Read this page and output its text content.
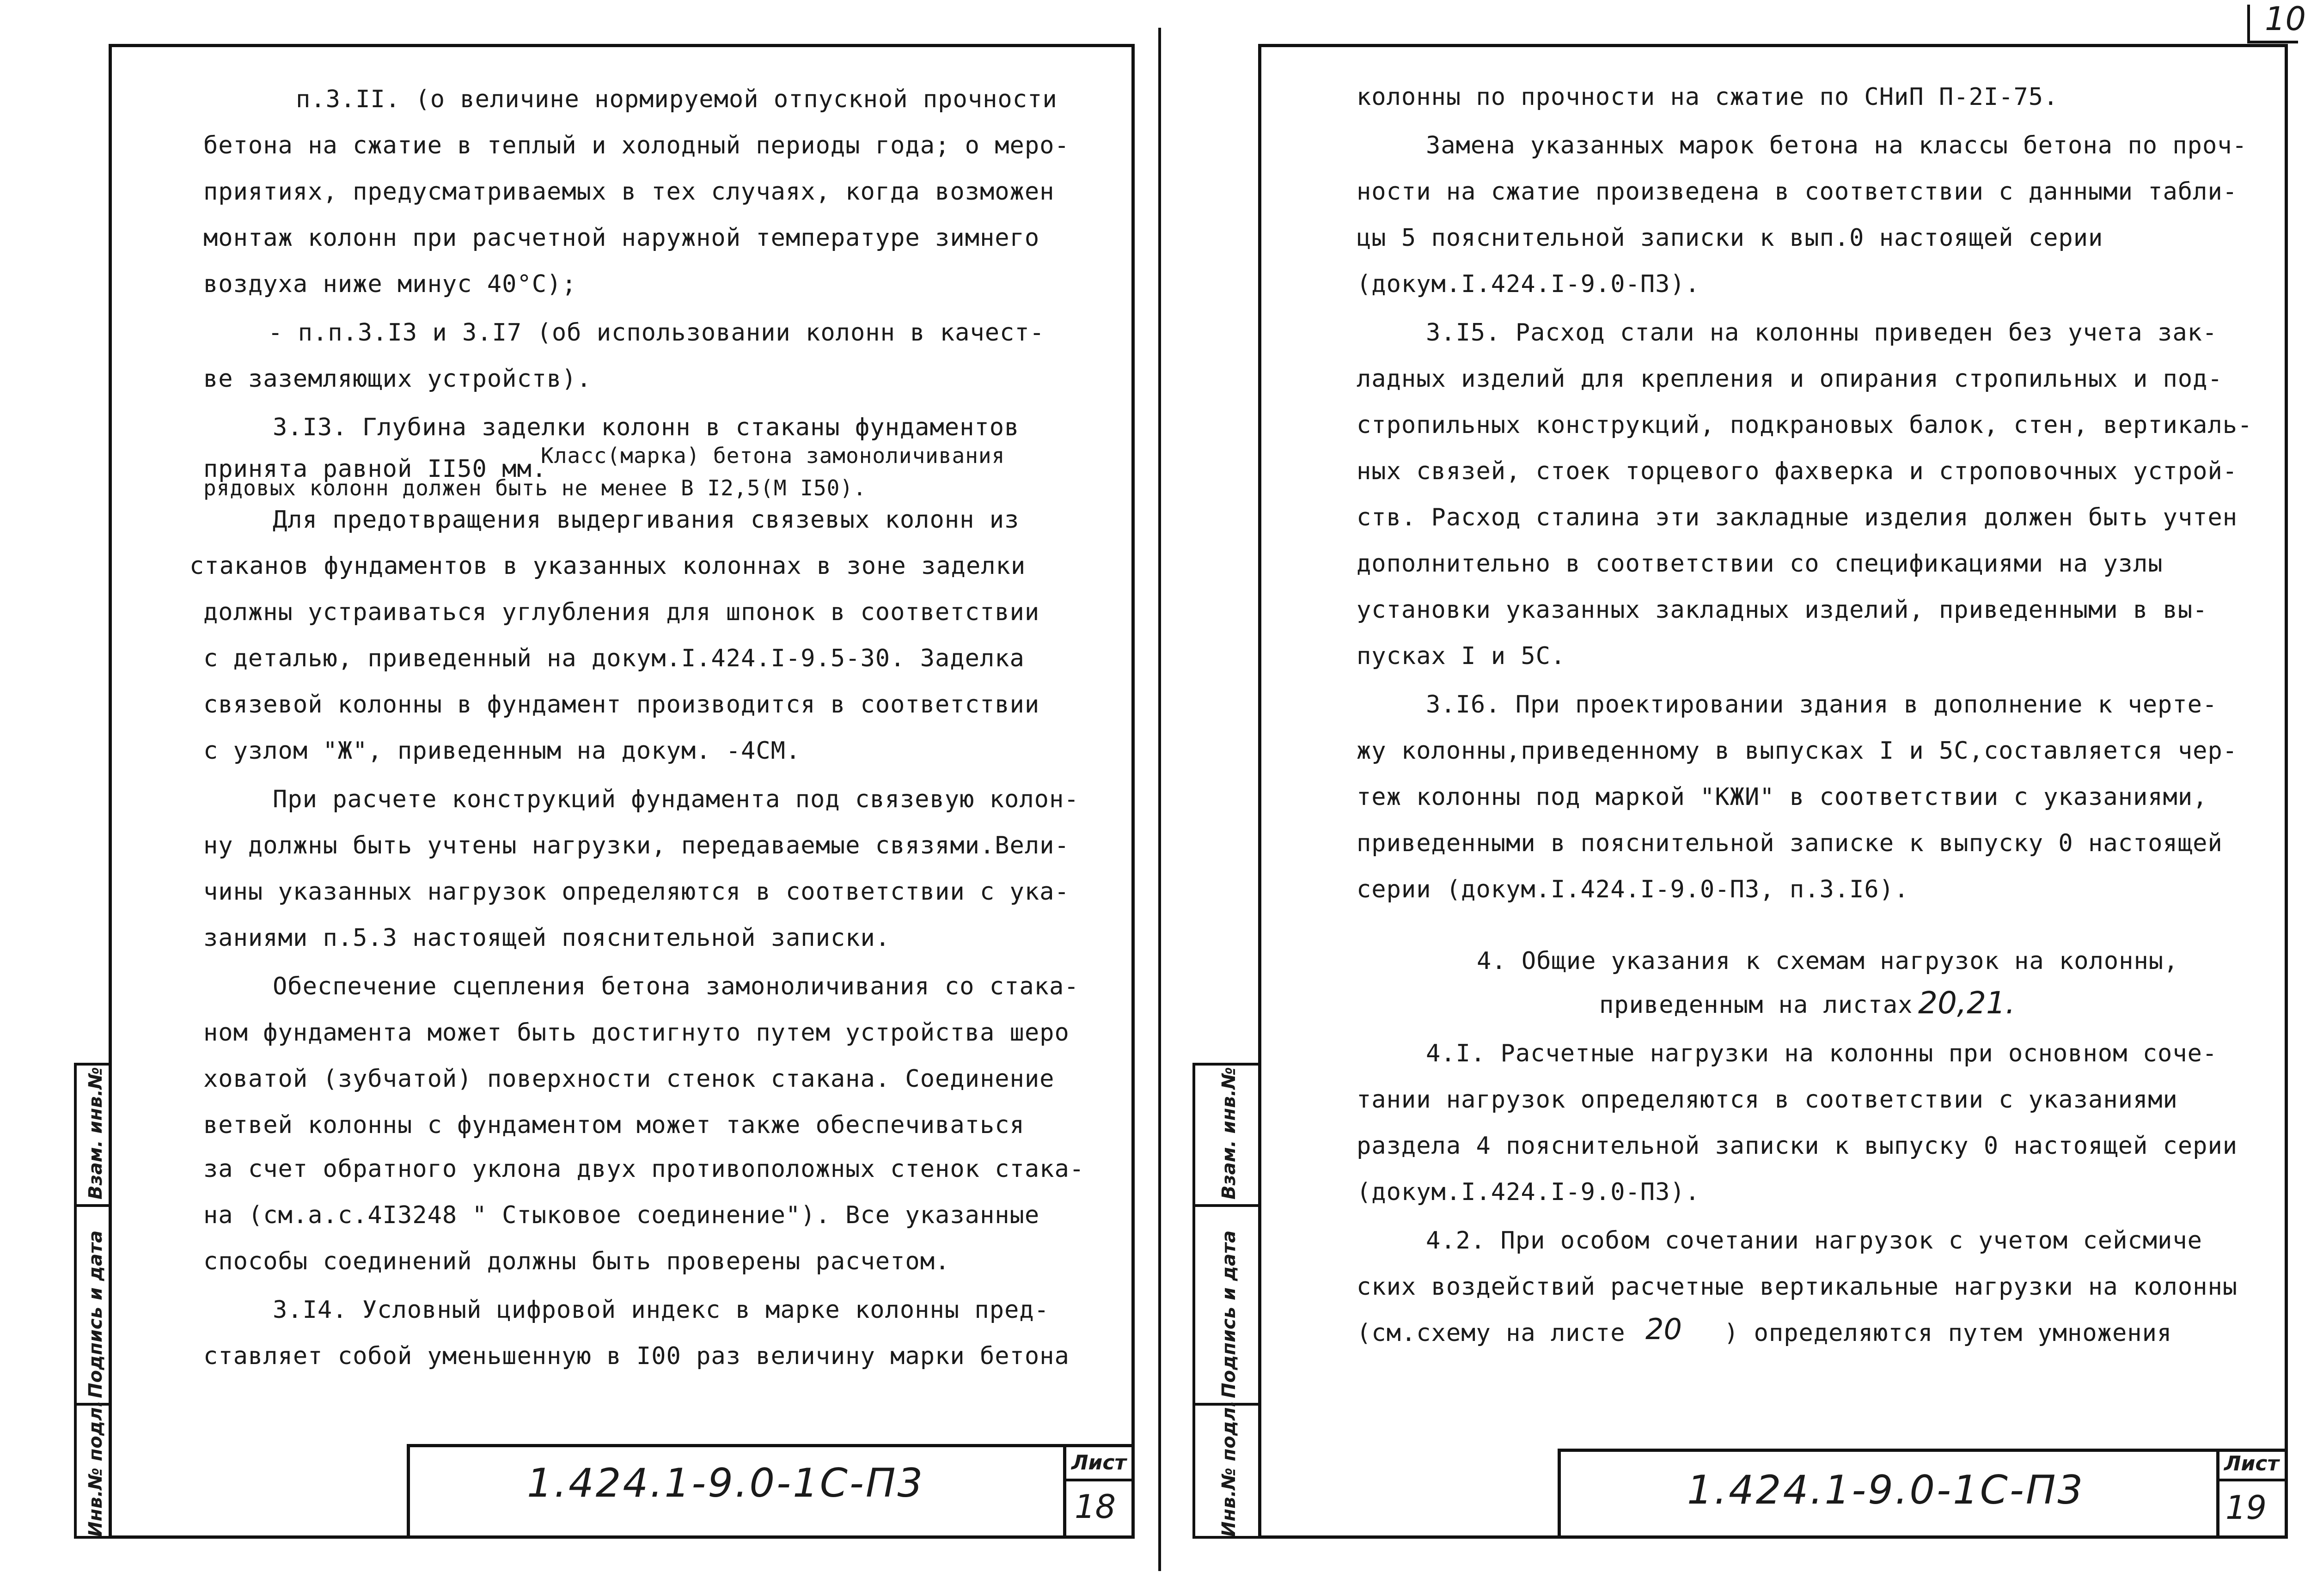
10
Инв.№ подл.
Подпись и дата
Взам. инв.№
п.3.II. (о величине нормируемой отпускной прочности
бетона на сжатие в теплый и холодный периоды года; о меро-
приятиях, предусматриваемых в тех случаях, когда возможен
монтаж колонн при расчетной наружной температуре зимнего
воздуха ниже минус 40°С);
- п.п.3.I3 и 3.I7 (об использовании колонн в качест-
ве заземляющих устройств).
3.I3. Глубина заделки колонн в стаканы фундаментов
принята равной II50 мм.
Класс(марка) бетона замоноличивания
рядовых колонн должен быть не менее В I2,5(М I50).
Для предотвращения выдергивания связевых колонн из
стаканов фундаментов в указанных колоннах в зоне заделки
должны устраиваться углубления для шпонок в соответствии
с деталью, приведенный на докум.I.424.I-9.5-30. Заделка
связевой колонны в фундамент производится в соответствии
с узлом "Ж", приведенным на докум. -4СМ.
При расчете конструкций фундамента под связевую колон-
ну должны быть учтены нагрузки, передаваемые связями.Вели-
чины указанных нагрузок определяются в соответствии с ука-
заниями п.5.3 настоящей пояснительной записки.
Обеспечение сцепления бетона замоноличивания со стака-
ном фундамента может быть достигнуто путем устройства шеро
ховатой (зубчатой) поверхности стенок стакана. Соединение
ветвей колонны с фундаментом может также обеспечиваться
за счет обратного уклона двух противоположных стенок стака-
на (см.а.с.4I3248 " Стыковое соединение"). Все указанные
способы соединений должны быть проверены расчетом.
3.I4. Условный цифровой индекс в марке колонны пред-
ставляет собой уменьшенную в I00 раз величину марки бетона
1.424.1-9.0-1С-П3	Лист
18	Инв.№ подл.
Подпись и дата
Взам. инв.№
колонны по прочности на сжатие по СНиП П-2I-75.
Замена указанных марок бетона на классы бетона по проч-
ности на сжатие произведена в соответствии с данными табли-
цы 5 пояснительной записки к вып.0 настоящей серии
(докум.I.424.I-9.0-П3).
3.I5. Расход стали на колонны приведен без учета зак-
ладных изделий для крепления и опирания стропильных и под-
стропильных конструкций, подкрановых балок, стен, вертикаль-
ных связей, стоек торцевого фахверка и строповочных устрой-
ств. Расход сталина эти закладные изделия должен быть учтен
дополнительно в соответствии со спецификациями на узлы
установки указанных закладных изделий, приведенными в вы-
пусках I и 5С.
3.I6. При проектировании здания в дополнение к черте-
жу колонны,приведенному в выпусках I и 5С,составляется чер-
теж колонны под маркой "КЖИ" в соответствии с указаниями,
приведенными в пояснительной записке к выпуску 0 настоящей
серии (докум.I.424.I-9.0-П3, п.3.I6).
4. Общие указания к схемам нагрузок на колонны,
приведенным на листах 20,21.
4.I. Расчетные нагрузки на колонны при основном соче-
тании нагрузок определяются в соответствии с указаниями
раздела 4 пояснительной записки к выпуску 0 настоящей серии
(докум.I.424.I-9.0-П3).
4.2. При особом сочетании нагрузок с учетом сейсмиче
ских воздействий расчетные вертикальные нагрузки на колонны
(см.схему на листе 20 ) определяются путем умножения
1.424.1-9.0-1С-П3
Лист
19
